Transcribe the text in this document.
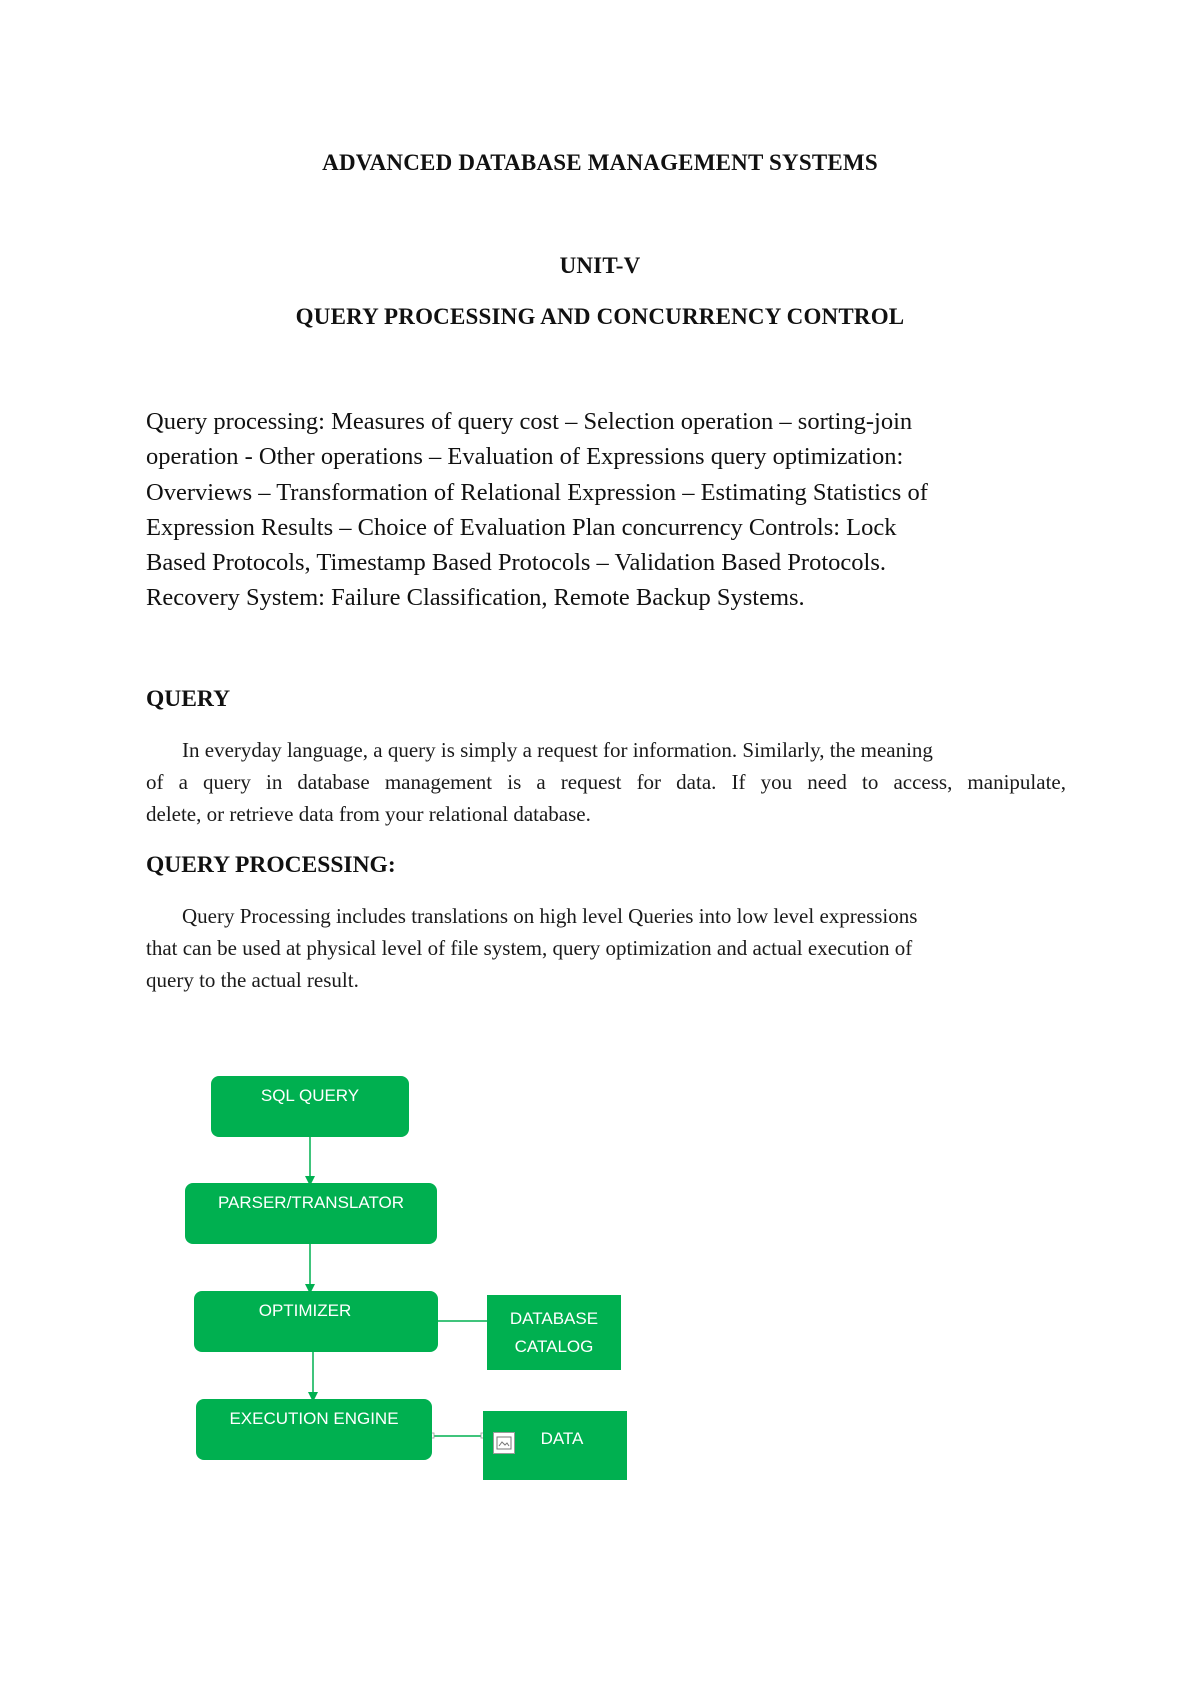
ADVANCED DATABASE MANAGEMENT SYSTEMS
UNIT-V
QUERY PROCESSING AND CONCURRENCY CONTROL

Query processing: Measures of query cost – Selection operation – sorting-join
operation - Other operations – Evaluation of Expressions query optimization:
Overviews – Transformation of Relational Expression – Estimating Statistics of
Expression Results – Choice of Evaluation Plan concurrency Controls: Lock
Based Protocols, Timestamp Based Protocols – Validation Based Protocols.
Recovery System: Failure Classification, Remote Backup Systems.

QUERY

In everyday language, a query is simply a request for information. Similarly, the meaning
of a query in database management is a request for data. If you need to access, manipulate,
delete, or retrieve data from your relational database.

QUERY PROCESSING:

Query Processing includes translations on high level Queries into low level expressions
that can be used at physical level of file system, query optimization and actual execution of
query to the actual result.

SQL QUERY
PARSER/TRANSLATOR
OPTIMIZER
EXECUTION ENGINE
DATABASE
CATALOG
DATA
